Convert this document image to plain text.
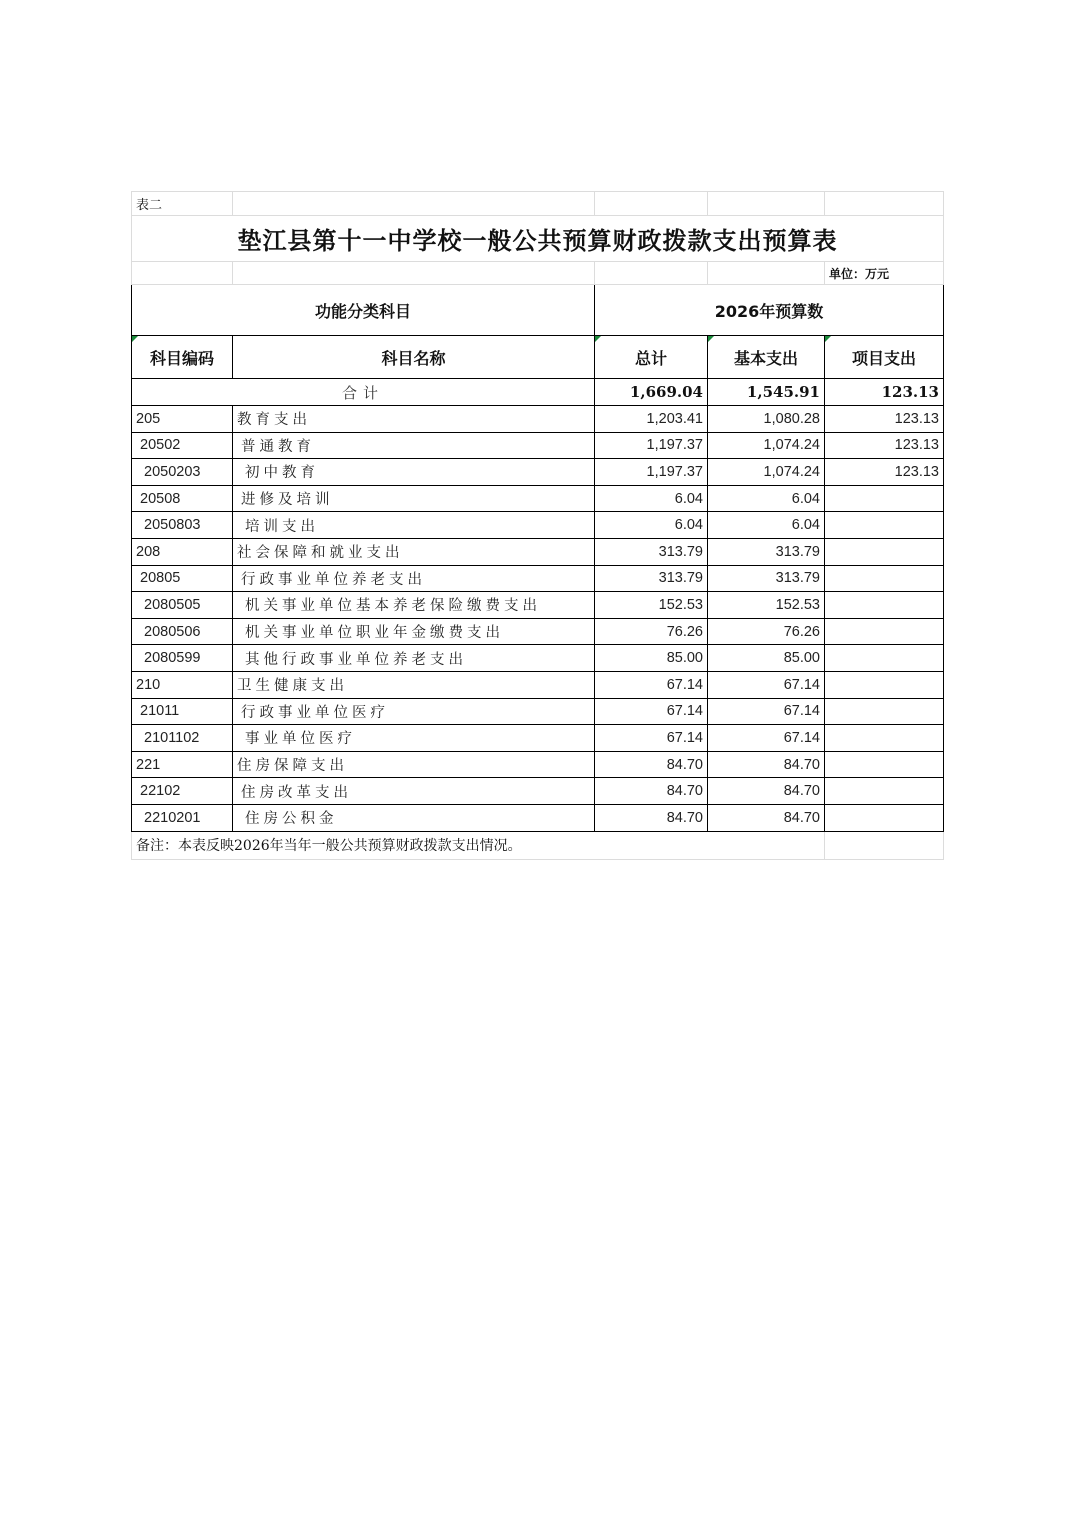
表二				
垫江县第十一中学校一般公共预算财政拨款支出预算表				
				单位：万元
功能分类科目		2026年预算数		

科目编码	科目名称	总计	基本支出	项目支出
合计		1,669.04	1,545.91	123.13
205	教育支出	1,203.41	1,080.28	123.13
20502	普通教育	1,197.37	1,074.24	123.13
2050203	初中教育	1,197.37	1,074.24	123.13
20508	进修及培训	6.04	6.04	
2050803	培训支出	6.04	6.04	
208	社会保障和就业支出	313.79	313.79	
20805	行政事业单位养老支出	313.79	313.79	
2080505	机关事业单位基本养老保险缴费支出	152.53	152.53	
2080506	机关事业单位职业年金缴费支出	76.26	76.26	
2080599	其他行政事业单位养老支出	85.00	85.00	
210	卫生健康支出	67.14	67.14	
21011	行政事业单位医疗	67.14	67.14	
2101102	事业单位医疗	67.14	67.14	
221	住房保障支出	84.70	84.70	
22102	住房改革支出	84.70	84.70	
2210201	住房公积金	84.70	84.70	
备注：本表反映2026年当年一般公共预算财政拨款支出情况。				
